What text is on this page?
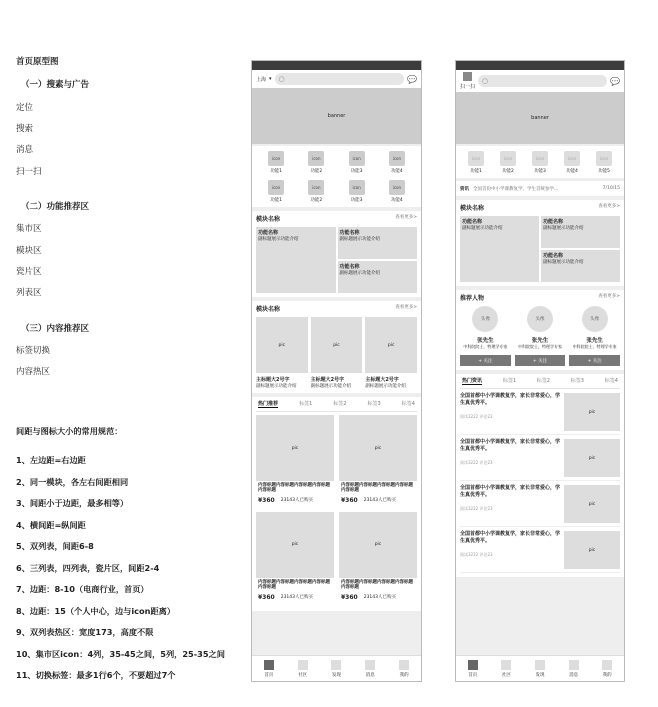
首页原型图
（一）搜素与广告
定位
搜索
消息
扫一扫
（二）功能推荐区
集市区
模块区
瓷片区
列表区
（三）内容推荐区
标签切换
内容热区
间距与图标大小的常用规范：
1、左边距=右边距
2、同一模块，各左右间距相同
3、间距小于边距，最多相等）
4、横间距=纵间距
5、双列表，间距6-8
6、三列表，四列表，瓷片区，间距2-4
7、边距：8-10（电商行业，首页）
8、边距：15（个人中心，边与icon距离）
9、双列表热区：宽度173，高度不限
10、集市区icon：4列，35-45之间，5列，25-35之间
11、切换标签：最多1行6个，不要超过7个
上海 ▾ ○	💬
banner
icon
功能1
icon
功能2
icon
功能3
icon
功能4
icon
功能1
icon
功能2
icon
功能3
icon
功能4
模块名称	查看更多>
功能名称
副标题展示功能介绍
功能名称
副标题展示功能介绍
功能名称
副标题展示功能介绍
模块名称	查看更多>
pic
主标题大2号字
副标题展示功能介绍
pic
主标题大2号字
副标题展示功能介绍
pic
主标题大2号字
副标题展示功能介绍
热门推荐	标签1	标签2	标签3	标签4
pic
内容标题内容标题内容标题内容标题内容标题
¥360 23143人已购买
pic
内容标题内容标题内容标题内容标题内容标题
¥360 23143人已购买
pic
内容标题内容标题内容标题内容标题内容标题
¥360 23143人已购买
pic
内容标题内容标题内容标题内容标题内容标题
¥360 23143人已购买
首页	社区	发现	消息	我的
扫一扫
○	💬
banner
icon
功能1
icon
功能2
icon
功能3
icon
功能4
icon
功能5
资讯 全国首份中小学课教复学，学生首统参学...	7/10/15
模块名称	查看更多>
功能名称
副标题展示功能介绍
功能名称
副标题展示功能介绍
功能名称
副标题展示功能介绍
推荐人物	查看更多>
头像
张先生
中科院院士，特理学专家
+ 关注
头像
张先生
中科院院士，特理学专家
+ 关注
头像
张先生
中科院院士，特理学专家
+ 关注
热门资讯	标签1	标签2	标签3	标签4
全国首都中小学课教复学，家长非常爱心，学生真优秀平。
阅读3222 评论23
pic
全国首都中小学课教复学，家长非常爱心，学生真优秀平。
阅读3222 评论23
pic
全国首都中小学课教复学，家长非常爱心，学生真优秀平。
阅读3222 评论23
pic
全国首都中小学课教复学，家长非常爱心，学生真优秀平。
阅读3222 评论23
pic
首页	社区	发现	消息	我的
